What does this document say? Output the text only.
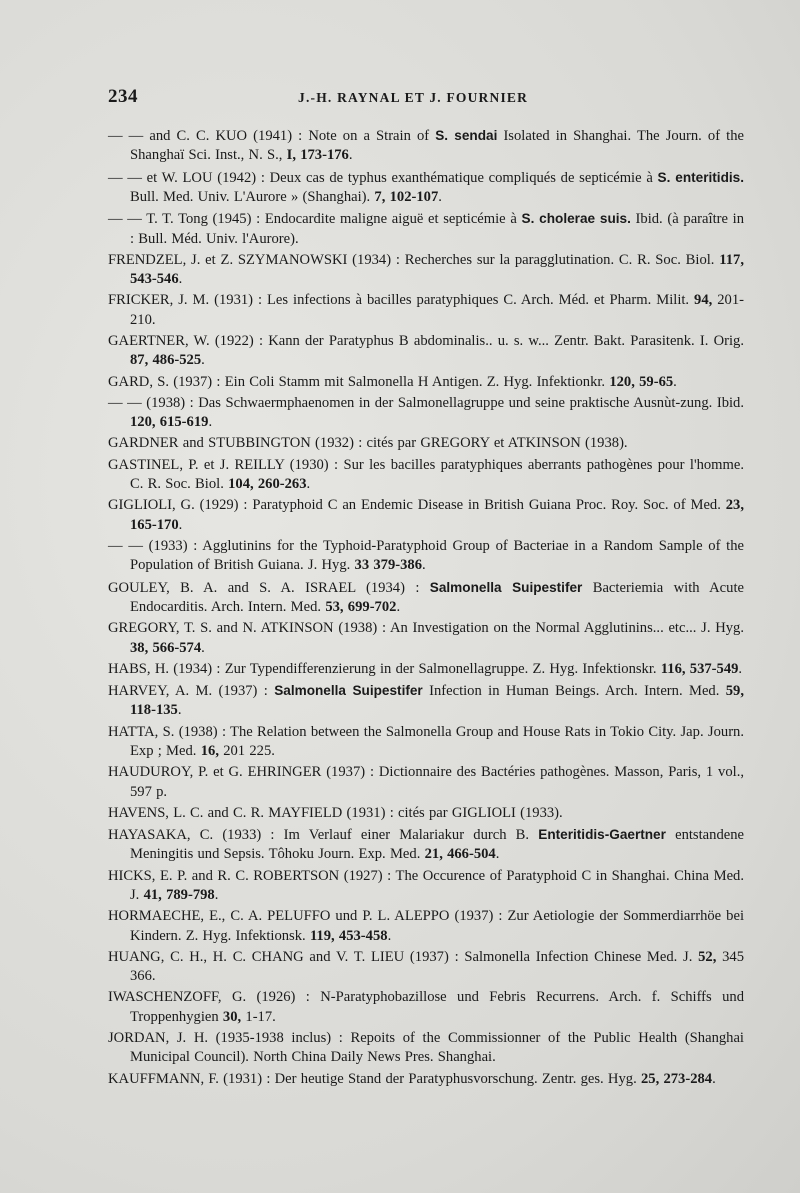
234	J.-H. RAYNAL ET J. FOURNIER
— — and C. C. KUO (1941) : Note on a Strain of S. sendai Isolated in Shanghai. The Journ. of the Shanghaï Sci. Inst., N. S., I, 173-176.
— — et W. LOU (1942) : Deux cas de typhus exanthématique compliqués de septicémie à S. enteritidis. Bull. Med. Univ. L'Aurore » (Shanghai). 7, 102-107.
— — T. T. Tong (1945) : Endocardite maligne aiguë et septicémie à S. cholerae suis. Ibid. (à paraître in : Bull. Méd. Univ. l'Aurore).
FRENDZEL, J. et Z. SZYMANOWSKI (1934) : Recherches sur la paragglutination. C. R. Soc. Biol. 117, 543-546.
FRICKER, J. M. (1931) : Les infections à bacilles paratyphiques C. Arch. Méd. et Pharm. Milit. 94, 201-210.
GAERTNER, W. (1922) : Kann der Paratyphus B abdominalis.. u. s. w... Zentr. Bakt. Parasitenk. I. Orig. 87, 486-525.
GARD, S. (1937) : Ein Coli Stamm mit Salmonella H Antigen. Z. Hyg. Infektionkr. 120, 59-65.
— — (1938) : Das Schwaermphaenomen in der Salmonellagruppe und seine praktische Ausnùt-zung. Ibid. 120, 615-619.
GARDNER and STUBBINGTON (1932) : cités par GREGORY et ATKINSON (1938).
GASTINEL, P. et J. REILLY (1930) : Sur les bacilles paratyphiques aberrants pathogènes pour l'homme. C. R. Soc. Biol. 104, 260-263.
GIGLIOLI, G. (1929) : Paratyphoid C an Endemic Disease in British Guiana Proc. Roy. Soc. of Med. 23, 165-170.
— — (1933) : Agglutinins for the Typhoid-Paratyphoid Group of Bacteriae in a Random Sample of the Population of British Guiana. J. Hyg. 33 379-386.
GOULEY, B. A. and S. A. ISRAEL (1934) : Salmonella Suipestifer Bacteriemia with Acute Endocarditis. Arch. Intern. Med. 53, 699-702.
GREGORY, T. S. and N. ATKINSON (1938) : An Investigation on the Normal Agglutinins... etc... J. Hyg. 38, 566-574.
HABS, H. (1934) : Zur Typendifferenzierung in der Salmonellagruppe. Z. Hyg. Infektionskr. 116, 537-549.
HARVEY, A. M. (1937) : Salmonella Suipestifer Infection in Human Beings. Arch. Intern. Med. 59, 118-135.
HATTA, S. (1938) : The Relation between the Salmonella Group and House Rats in Tokio City. Jap. Journ. Exp ; Med. 16, 201 225.
HAUDUROY, P. et G. EHRINGER (1937) : Dictionnaire des Bactéries pathogènes. Masson, Paris, 1 vol., 597 p.
HAVENS, L. C. and C. R. MAYFIELD (1931) : cités par GIGLIOLI (1933).
HAYASAKA, C. (1933) : Im Verlauf einer Malariakur durch B. Enteritidis-Gaertner entstandene Meningitis und Sepsis. Tôhoku Journ. Exp. Med. 21, 466-504.
HICKS, E. P. and R. C. ROBERTSON (1927) : The Occurence of Paratyphoid C in Shanghai. China Med. J. 41, 789-798.
HORMAECHE, E., C. A. PELUFFO und P. L. ALEPPO (1937) : Zur Aetiologie der Sommerdiarrhöe bei Kindern. Z. Hyg. Infektionsk. 119, 453-458.
HUANG, C. H., H. C. CHANG and V. T. LIEU (1937) : Salmonella Infection Chinese Med. J. 52, 345 366.
IWASCHENZOFF, G. (1926) : N-Paratyphobazillose und Febris Recurrens. Arch. f. Schiffs und Troppenhygien 30, 1-17.
JORDAN, J. H. (1935-1938 inclus) : Repoits of the Commissionner of the Public Health (Shanghai Municipal Council). North China Daily News Pres. Shanghai.
KAUFFMANN, F. (1931) : Der heutige Stand der Paratyphusvorschung. Zentr. ges. Hyg. 25, 273-284.
